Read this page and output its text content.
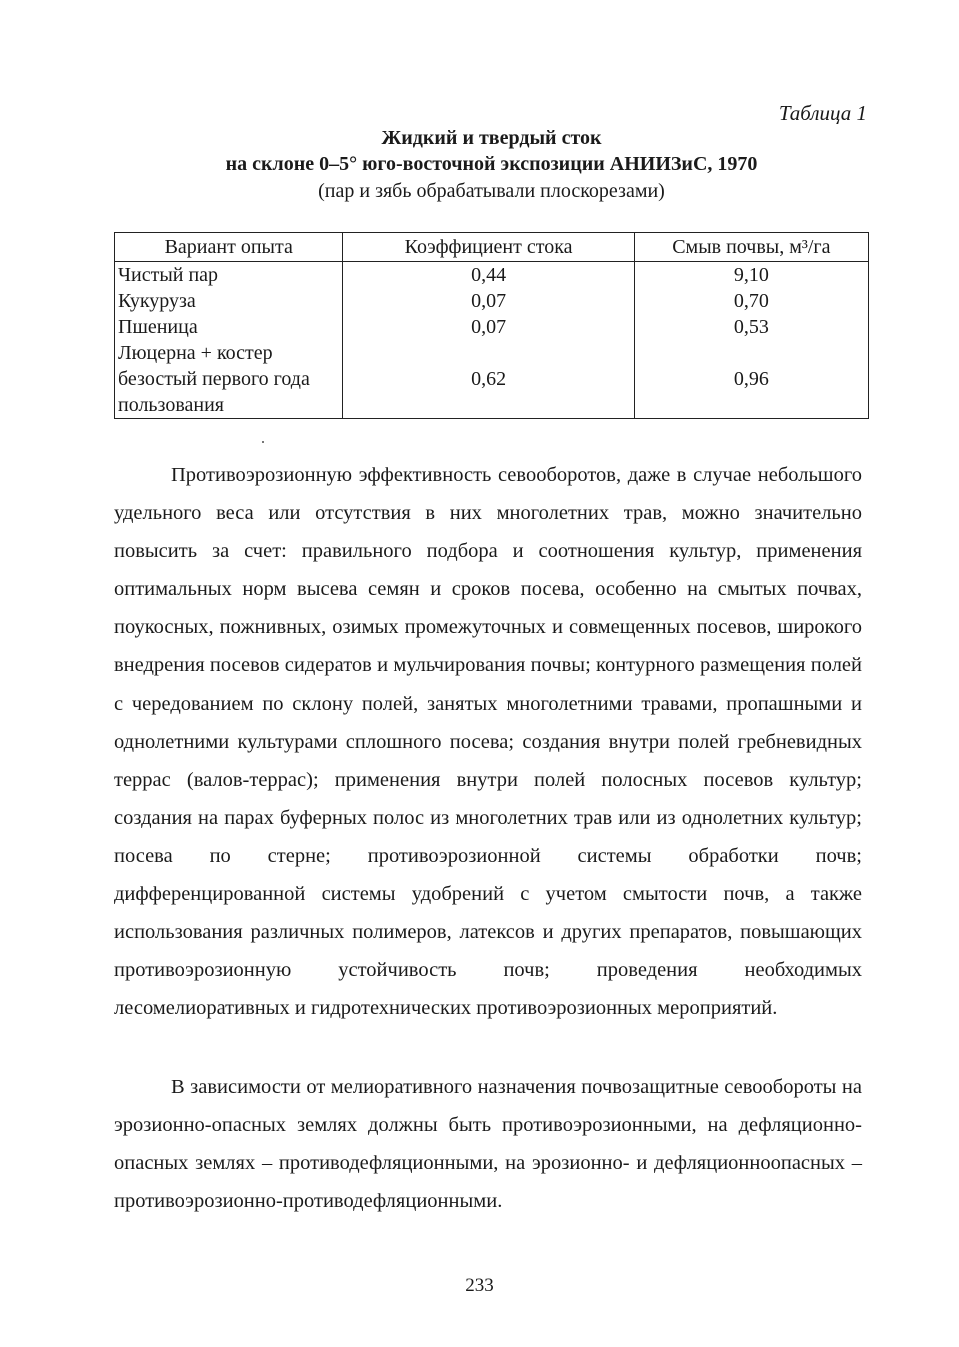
Таблица 1
Жидкий и твердый сток
на склоне 0–5° юго-восточной экспозиции АНИИЗиС, 1970
(пар и зябь обрабатывали плоскорезами)
Вариант опыта	Коэффициент стока	Смыв почвы, м³/га
Чистый пар	0,44	9,10
Кукуруза	0,07	0,70
Пшеница	0,07	0,53
Люцерна + костер безостый первого года пользования	0,62	0,96

Противоэрозионную эффективность севооборотов, даже в случае небольшого удельного веса или отсутствия в них многолетних трав, можно значительно повысить за счет: правильного подбора и соотношения культур, применения оптимальных норм высева семян и сроков посева, особенно на смытых почвах, поукосных, пожнивных, озимых промежуточных и совмещенных посевов, широкого внедрения посевов сидератов и мульчирования почвы; контурного размещения полей с чередованием по склону полей, занятых многолетними травами, пропашными и однолетними культурами сплошного посева; создания внутри полей гребневидных террас (валов-террас); применения внутри полей полосных посевов культур; создания на парах буферных полос из многолетних трав или из однолетних культур; посева по стерне; противоэрозионной системы обработки почв; дифференцированной системы удобрений с учетом смытости почв, а также использования различных полимеров, латексов и других препаратов, повышающих противоэрозионную устойчивость почв; проведения необходимых лесомелиоративных и гидротехнических противоэрозионных мероприятий.

В зависимости от мелиоративного назначения почвозащитные севообороты на эрозионно-опасных землях должны быть противоэрозионными, на дефляционно-опасных землях – противодефляционными, на эрозионно- и дефляционноопасных – противоэрозионно-противодефляционными.

233
